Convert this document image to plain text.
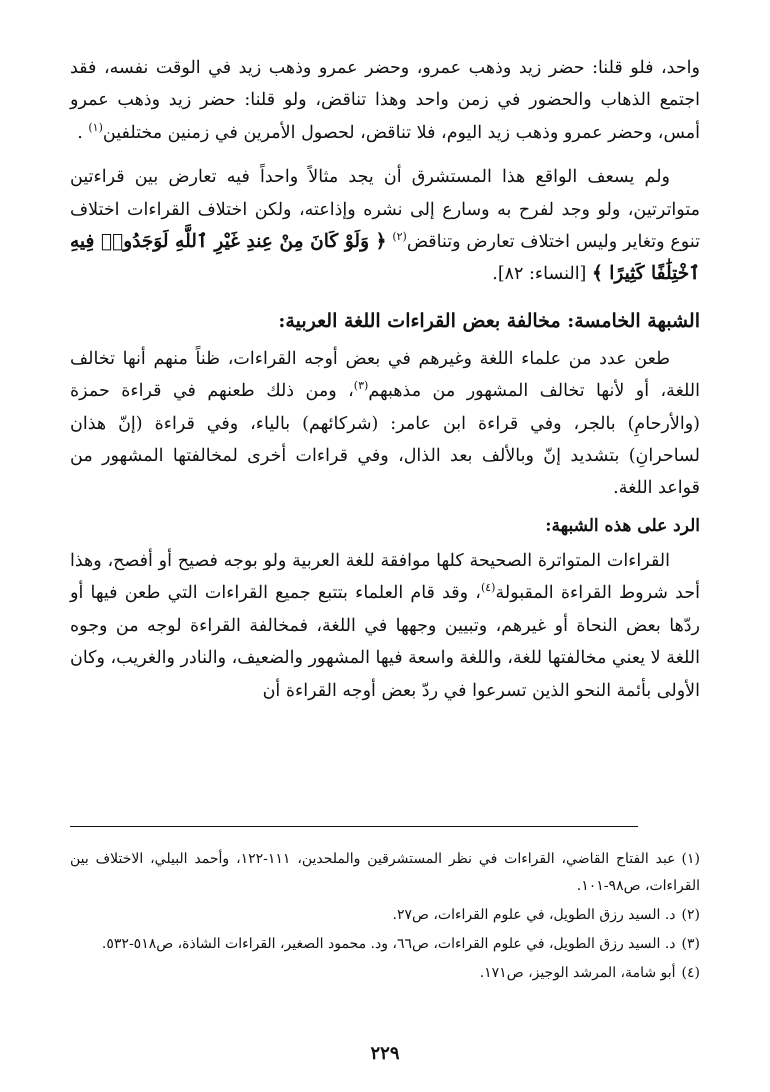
واحد، فلو قلنا: حضر زيد وذهب عمرو، وحضر عمرو وذهب زيد في الوقت نفسه، فقد اجتمع الذهاب والحضور في زمن واحد وهذا تناقض، ولو قلنا: حضر زيد وذهب عمرو أمس، وحضر عمرو وذهب زيد اليوم، فلا تناقض، لحصول الأمرين في زمنين مختلفين$^{(١)}$ .

ولم يسعف الواقع هذا المستشرق أن يجد مثالاً واحداً فيه تعارض بين قراءتين متواترتين، ولو وجد لفرح به وسارع إلى نشره وإذاعته، ولكن اختلاف القراءات اختلاف تنوع وتغاير وليس اختلاف تعارض وتناقض$^{(٢)}$ ﴿ وَلَوْ كَانَ مِنْ عِندِ غَيْرِ ٱللَّهِ لَوَجَدُوا۟ فِيهِ ٱخْتِلَٰفًا كَثِيرًا ﴾ [النساء: ٨٢].

الشبهة الخامسة: مخالفة بعض القراءات اللغة العربية:

طعن عدد من علماء اللغة وغيرهم في بعض أوجه القراءات، ظناً منهم أنها تخالف اللغة، أو لأنها تخالف المشهور من مذهبهم$^{(٣)}$، ومن ذلك طعنهم في قراءة حمزة (والأرحامِ) بالجر، وفي قراءة ابن عامر: (شركائهم) بالياء، وفي قراءة (إنّ هذان لساحرانِ) بتشديد إنّ وبالألف بعد الذال، وفي قراءات أخرى لمخالفتها المشهور من قواعد اللغة.

الرد على هذه الشبهة:

القراءات المتواترة الصحيحة كلها موافقة للغة العربية ولو بوجه فصيح أو أفصح، وهذا أحد شروط القراءة المقبولة$^{(٤)}$، وقد قام العلماء بتتبع جميع القراءات التي طعن فيها أو ردّها بعض النحاة أو غيرهم، وتبيين وجهها في اللغة، فمخالفة القراءة لوجه من وجوه اللغة لا يعني مخالفتها للغة، واللغة واسعة فيها المشهور والضعيف، والنادر والغريب، وكان الأولى بأئمة النحو الذين تسرعوا في ردّ بعض أوجه القراءة أن

(١)عبد الفتاح القاضي، القراءات في نظر المستشرقين والملحدين، ١١١-١٢٢، وأحمد البيلي، الاختلاف بين القراءات، ص٩٨-١٠١.

(٢)د. السيد رزق الطويل، في علوم القراءات، ص٢٧.

(٣)د. السيد رزق الطويل، في علوم القراءات، ص٦٦، ود. محمود الصغير، القراءات الشاذة، ص٥١٨-٥٣٢.

(٤)أبو شامة، المرشد الوجيز، ص١٧١.

٢٢٩
